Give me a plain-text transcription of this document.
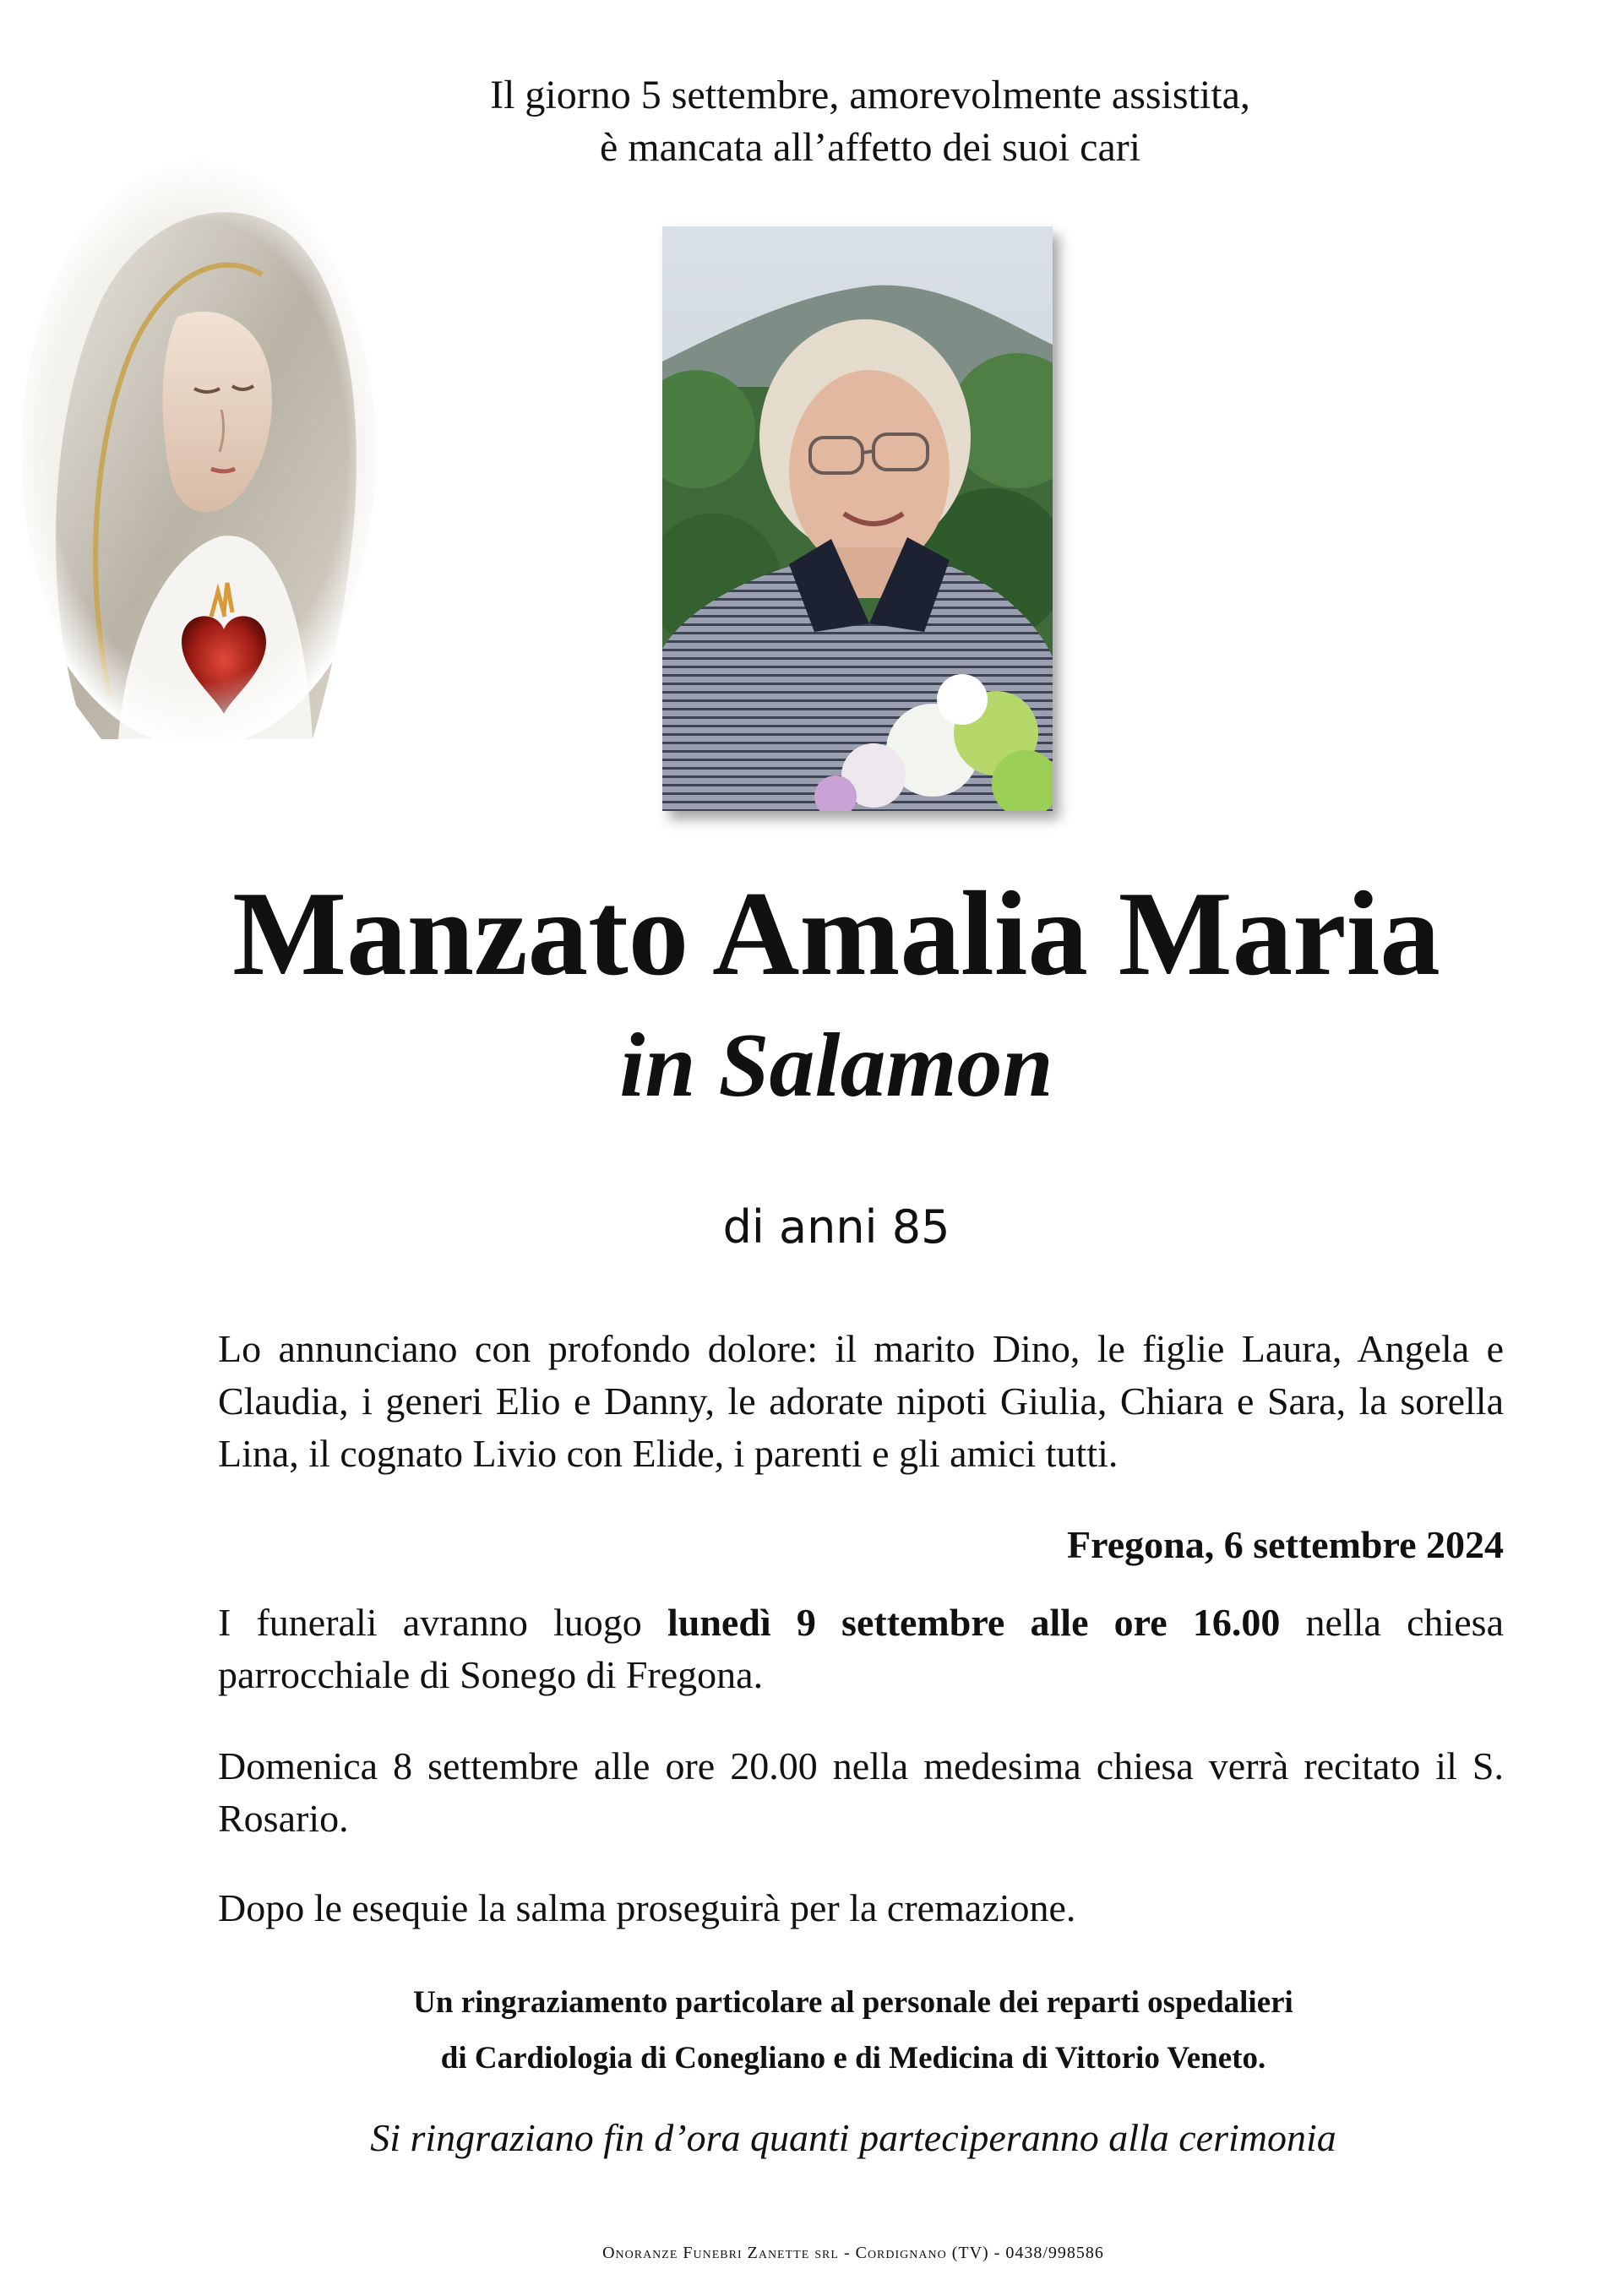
Il giorno 5 settembre, amorevolmente assistita,
è mancata all’affetto dei suoi cari
Manzato Amalia Maria
in Salamon
di anni 85
Lo annunciano con profondo dolore: il marito Dino, le figlie Laura, Angela e Claudia, i generi Elio e Danny, le adorate nipoti Giulia, Chiara e Sara, la sorella Lina, il cognato Livio con Elide, i parenti e gli amici tutti.
Fregona, 6 settembre 2024
I funerali avranno luogo lunedì 9 settembre alle ore 16.00 nella chiesa parrocchiale di Sonego di Fregona.
Domenica 8 settembre alle ore 20.00 nella medesima chiesa verrà recitato il S. Rosario.
Dopo le esequie la salma proseguirà per la cremazione.
Un ringraziamento particolare al personale dei reparti ospedalieri
di Cardiologia di Conegliano e di Medicina di Vittorio Veneto.
Si ringraziano fin d’ora quanti parteciperanno alla cerimonia
Onoranze Funebri Zanette srl - Cordignano (TV) - 0438/998586
